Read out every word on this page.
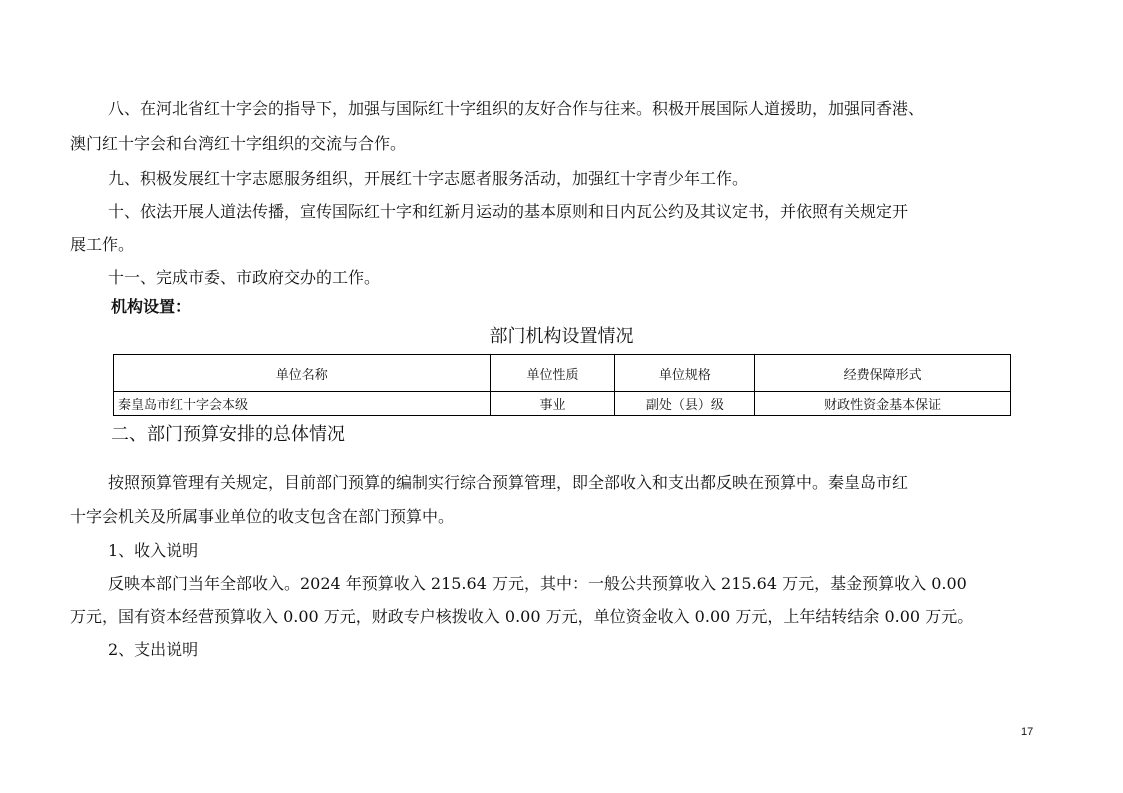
八、在河北省红十字会的指导下，加强与国际红十字组织的友好合作与往来。积极开展国际人道援助，加强同香港、
澳门红十字会和台湾红十字组织的交流与合作。
九、积极发展红十字志愿服务组织，开展红十字志愿者服务活动，加强红十字青少年工作。
十、依法开展人道法传播，宣传国际红十字和红新月运动的基本原则和日内瓦公约及其议定书，并依照有关规定开
展工作。
十一、完成市委、市政府交办的工作。
机构设置：
部门机构设置情况
单位名称	单位性质	单位规格	经费保障形式
秦皇岛市红十字会本级	事业	副处（县）级	财政性资金基本保证
二、部门预算安排的总体情况
按照预算管理有关规定，目前部门预算的编制实行综合预算管理，即全部收入和支出都反映在预算中。秦皇岛市红
十字会机关及所属事业单位的收支包含在部门预算中。
1、收入说明
反映本部门当年全部收入。2024 年预算收入 215.64 万元，其中：一般公共预算收入 215.64 万元，基金预算收入 0.00
万元，国有资本经营预算收入 0.00 万元，财政专户核拨收入 0.00 万元，单位资金收入 0.00 万元，上年结转结余 0.00 万元。
2、支出说明
17
